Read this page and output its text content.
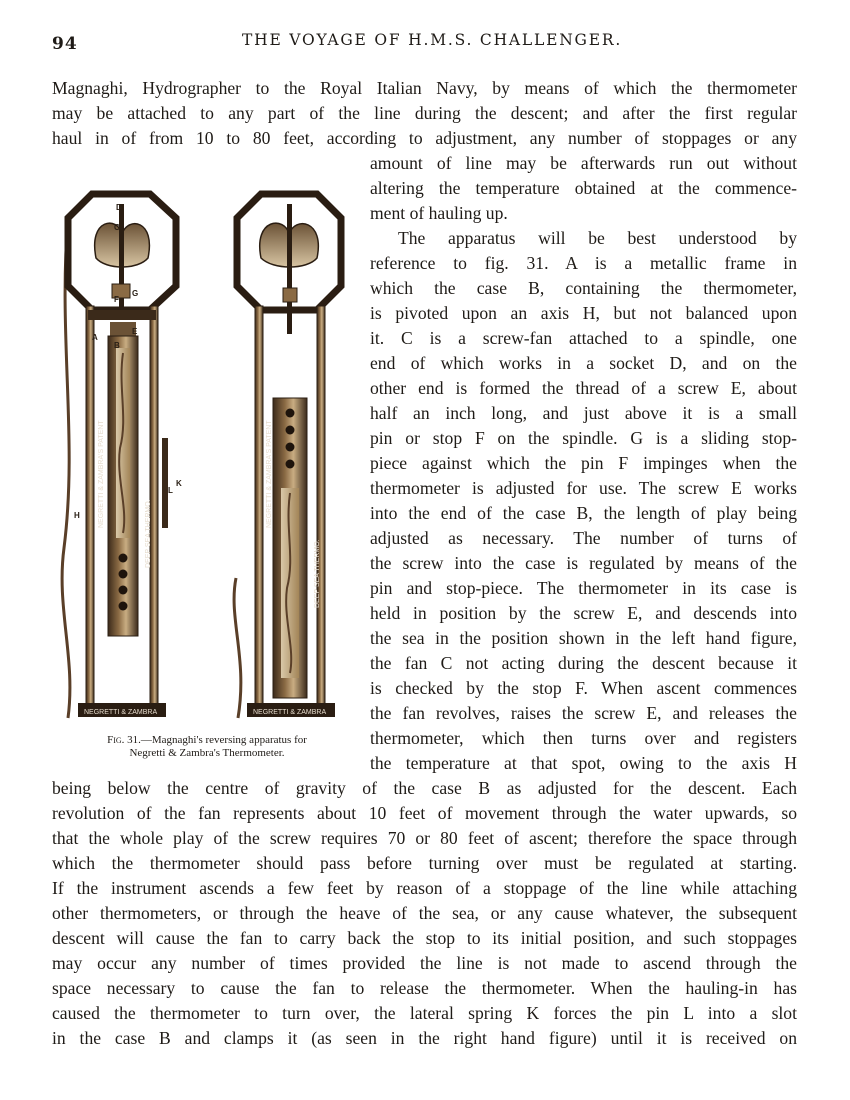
94	THE VOYAGE OF H.M.S. CHALLENGER.
Magnaghi, Hydrographer to the Royal Italian Navy, by means of which the thermometer
may be attached to any part of the line during the descent; and after the first regular
haul in of from 10 to 80 feet, according to adjustment, any number of stoppages or any
amount of line may be afterwards run out without
altering the temperature obtained at the commence-
ment of hauling up.
The apparatus will be best understood by
reference to fig. 31. A is a metallic frame in
which the case B, containing the thermometer,
is pivoted upon an axis H, but not balanced upon
it. C is a screw-fan attached to a spindle, one
end of which works in a socket D, and on the
other end is formed the thread of a screw E, about
half an inch long, and just above it is a small
pin or stop F on the spindle. G is a sliding stop-
piece against which the pin F impinges when the
thermometer is adjusted for use. The screw E works
into the end of the case B, the length of play being
adjusted as necessary. The number of turns of
the screw into the case is regulated by means of the
pin and stop-piece. The thermometer in its case is
held in position by the screw E, and descends into
the sea in the position shown in the left hand figure,
the fan C not acting during the descent because it
is checked by the stop F. When ascent commences
the fan revolves, raises the screw E, and releases the
thermometer, which then turns over and registers
the temperature at that spot, owing to the axis H
being below the centre of gravity of the case B as adjusted for the descent. Each
revolution of the fan represents about 10 feet of movement through the water upwards, so
that the whole play of the screw requires 70 or 80 feet of ascent; therefore the space through
which the thermometer should pass before turning over must be regulated at starting.
If the instrument ascends a few feet by reason of a stoppage of the line while attaching
other thermometers, or through the heave of the sea, or any cause whatever, the subsequent
descent will cause the fan to carry back the stop to its initial position, and such stoppages
may occur any number of times provided the line is not made to ascend through the
space necessary to cause the fan to release the thermometer. When the hauling-in has
caused the thermometer to turn over, the lateral spring K forces the pin L into a slot
in the case B and clamps it (as seen in the right hand figure) until it is received on
D
C
F
G
A
B
E
L
K
H	NEGRETTI & ZAMBRA'S PATENT
DEEP SEA THERMO.
NEGRETTI & ZAMBRA
NEGRETTI & ZAMBRA'S PATENT
DEEP SEA THERMO.
NEGRETTI & ZAMBRA
Fig. 31.—Magnaghi's reversing apparatus for
Negretti & Zambra's Thermometer.
